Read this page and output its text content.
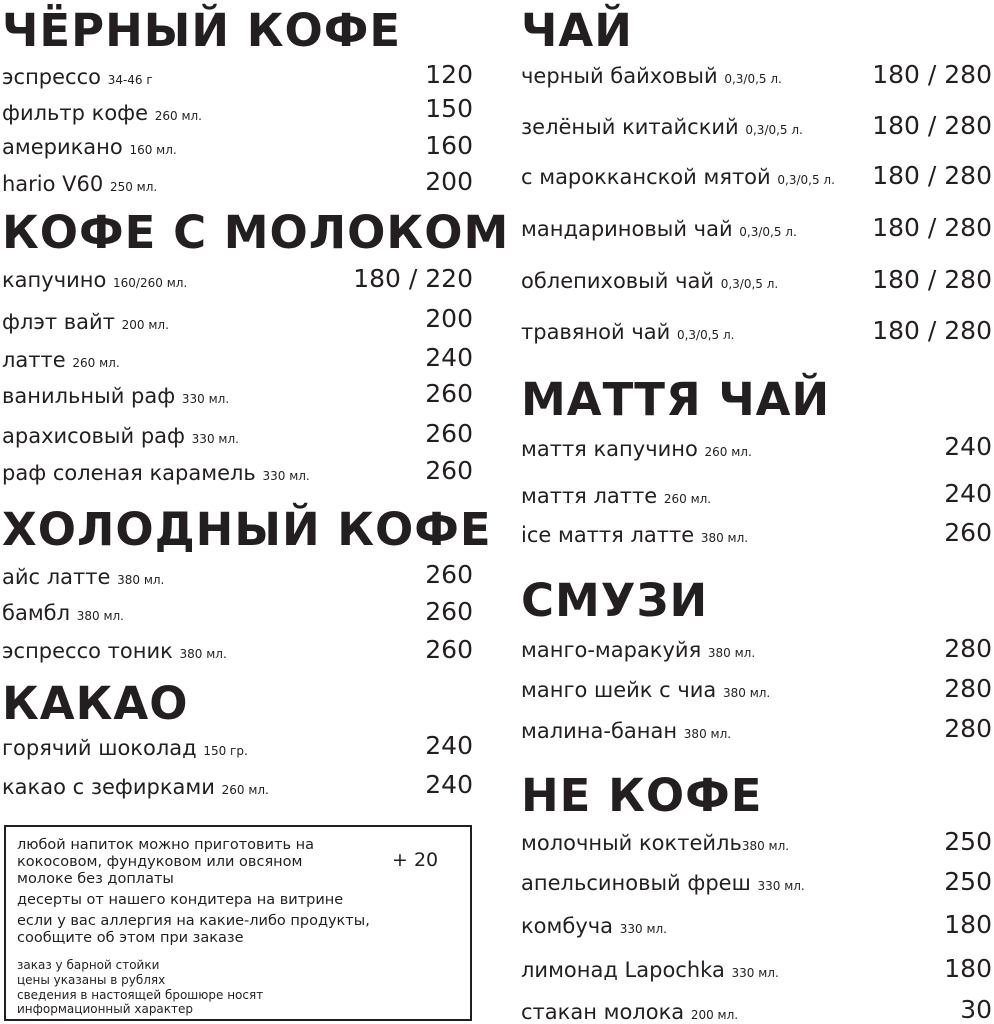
ЧЁРНЫЙ КОФЕ
эспрессо 34-46 г	120
фильтр кофе 260 мл.	150
американо 160 мл.	160
hario V60 250 мл.	200
КОФЕ С МОЛОКОМ
капучино 160/260 мл.	180 / 220
флэт вайт 200 мл.	200
латте 260 мл.	240
ванильный раф 330 мл.	260
арахисовый раф 330 мл.	260
раф соленая карамель 330 мл.	260
ХОЛОДНЫЙ КОФЕ
айс латте 380 мл.	260
бамбл 380 мл.	260
эспрессо тоник 380 мл.	260
КАКАО
горячий шоколад 150 гр.	240
какао с зефирками 260 мл.	240
любой напиток можно приготовить на
кокосовом, фундуковом или овсяном
молоке без доплаты
+ 20
десерты от нашего кондитера на витрине
если у вас аллергия на какие-либо продукты,
сообщите об этом при заказе
заказ у барной стойки
цены указаны в рублях
сведения в настоящей брошюре носят
информационный характер
ЧАЙ
черный байховый 0,3/0,5 л.	180 / 280
зелёный китайский 0,3/0,5 л.	180 / 280
с марокканской мятой 0,3/0,5 л. 180 / 280
мандариновый чай 0,3/0,5 л.	180 / 280
облепиховый чай 0,3/0,5 л.	180 / 280
травяной чай 0,3/0,5 л.	180 / 280
МАТТЯ ЧАЙ
маття капучино 260 мл.	240
маття латте 260 мл.	240
ice маття латте 380 мл.	260
СМУЗИ
манго-маракуйя 380 мл.	280
манго шейк с чиа 380 мл.	280
малина-банан 380 мл.	280
НЕ КОФЕ
молочный коктейль380 мл.	250
апельсиновый фреш 330 мл.	250
комбуча 330 мл.	180
лимонад Lapochka 330 мл.	180
стакан молока 200 мл.	30
